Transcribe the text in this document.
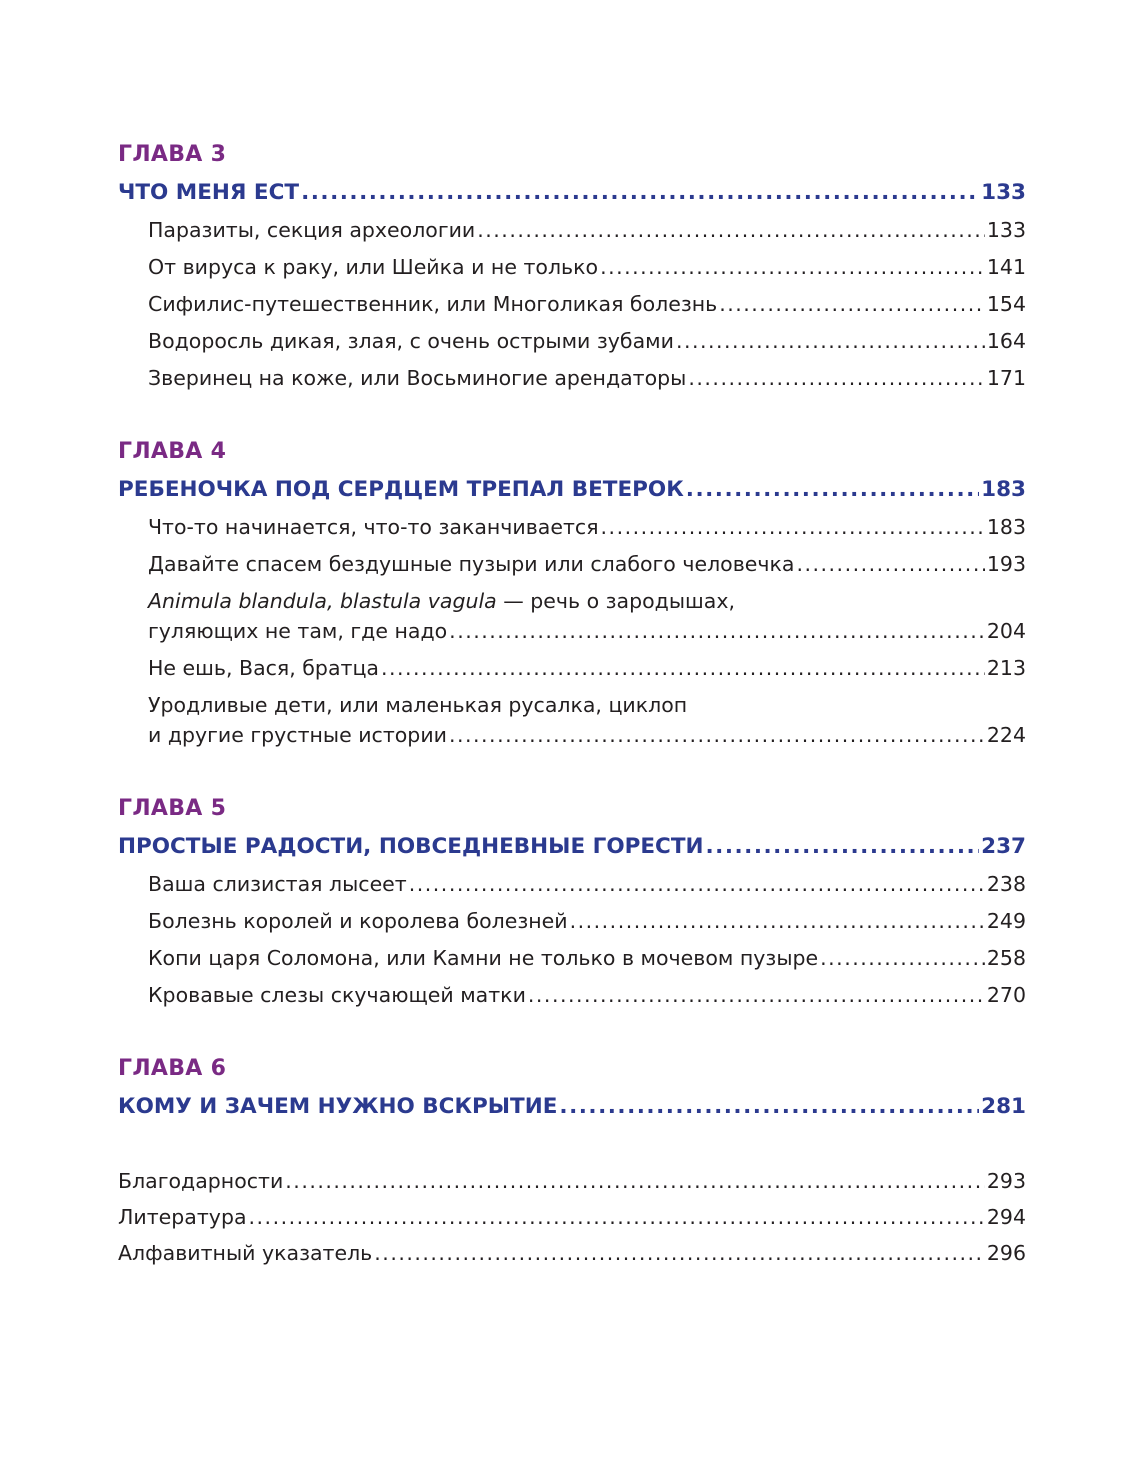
ГЛАВА 3
ЧТО МЕНЯ ЕСТ .....	133
Паразиты, секция археологии .....	133
От вируса к раку, или Шейка и не только .....	141
Сифилис-путешественник, или Многоликая болезнь .....	154
Водоросль дикая, злая, с очень острыми зубами .....	164
Зверинец на коже, или Восьминогие арендаторы .....	171
ГЛАВА 4
РЕБЕНОЧКА ПОД СЕРДЦЕМ ТРЕПАЛ ВЕТЕРОК .....	183
Что-то начинается, что-то заканчивается .....	183
Давайте спасем бездушные пузыри или слабого человечка .....	193
Animula blandula, blastula vagula — речь о зародышах,
гуляющих не там, где надо .....	204
Не ешь, Вася, братца .....	213
Уродливые дети, или маленькая русалка, циклоп
и другие грустные истории .....	224
ГЛАВА 5
ПРОСТЫЕ РАДОСТИ, ПОВСЕДНЕВНЫЕ ГОРЕСТИ .....	237
Ваша слизистая лысеет .....	238
Болезнь королей и королева болезней .....	249
Копи царя Соломона, или Камни не только в мочевом пузыре .....	258
Кровавые слезы скучающей матки .....	270
ГЛАВА 6
КОМУ И ЗАЧЕМ НУЖНО ВСКРЫТИЕ .....	281
Благодарности .....	293
Литература .....	294
Алфавитный указатель .....	296
